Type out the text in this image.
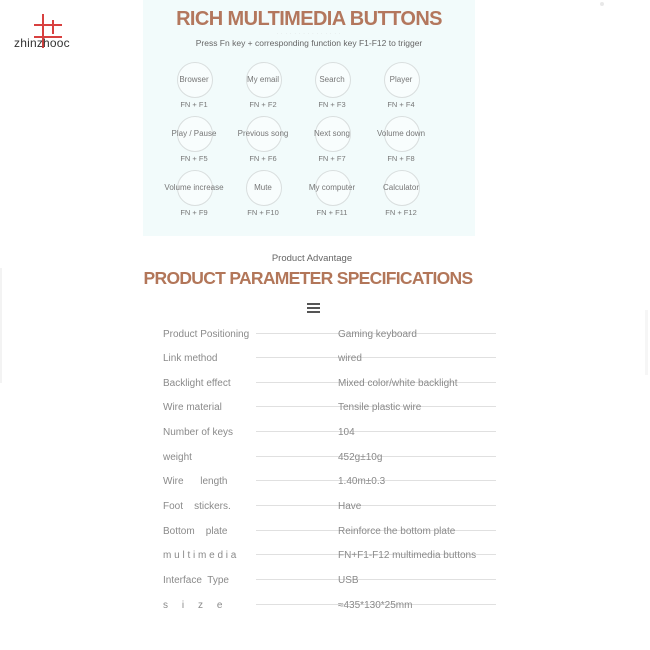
zhinzhooc
RICH MULTIMEDIA BUTTONS
· · · · · · · · · · · · · · ·
Press Fn key + corresponding function key F1-F12 to trigger
Browser
FN + F1
My email
FN + F2
Search
FN + F3
Player
FN + F4
Play / Pause
FN + F5
Previous song
FN + F6
Next song
FN + F7
Volume down
FN + F8
Volume increase
FN + F9
Mute
FN + F10
My computer
FN + F11
Calculator
FN + F12
Product Advantage
PRODUCT PARAMETER SPECIFICATIONS
Product Positioning	Gaming keyboard
Link method	wired
Backlight effect	Mixed color/white backlight
Wire material	Tensile plastic wire
Number of keys	104
weight	452g±10g
Wire      length	1.40m±0.3
Foot    stickers.	Have
Bottom    plate	Reinforce the bottom plate
m u l t i m e d i a	FN+F1-F12 multimedia buttons
Interface  Type	USB
s     i     z     e	≈435*130*25mm
